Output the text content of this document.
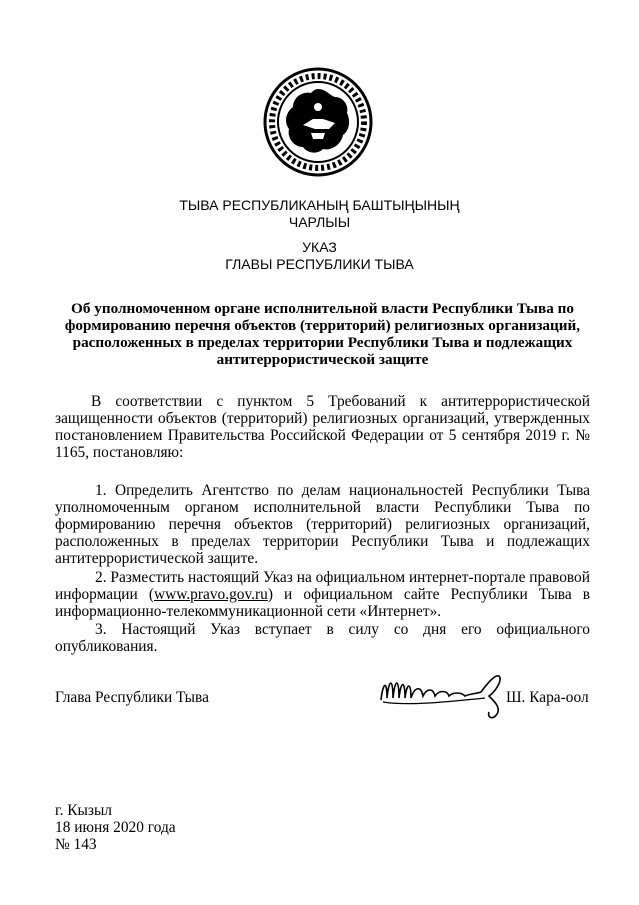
ТЫВА РЕСПУБЛИКАНЫҢ БАШТЫҢЫНЫҢ
ЧАРЛЫЫ
УКАЗ
ГЛАВЫ РЕСПУБЛИКИ ТЫВА
Об уполномоченном органе исполнительной власти Республики Тыва по
формированию перечня объектов (территорий) религиозных организаций,
расположенных в пределах территории Республики Тыва и подлежащих
антитеррористической защите
В соответствии с пунктом 5 Требований к антитеррористической защищенности объектов (территорий) религиозных организаций, утвержденных постановлением Правительства Российской Федерации от 5 сентября 2019 г. № 1165, постановляю:
1. Определить Агентство по делам национальностей Республики Тыва уполномоченным органом исполнительной власти Республики Тыва по формированию перечня объектов (территорий) религиозных организаций, расположенных в пределах территории Республики Тыва и подлежащих антитеррористической защите.
2. Разместить настоящий Указ на официальном интернет-портале правовой информации (www.pravo.gov.ru) и официальном сайте Республики Тыва в информационно-телекоммуникационной сети «Интернет».
3. Настоящий Указ вступает в силу со дня его официального опубликования.
Глава Республики Тыва	Ш. Кара-оол
г. Кызыл
18 июня 2020 года
№ 143
